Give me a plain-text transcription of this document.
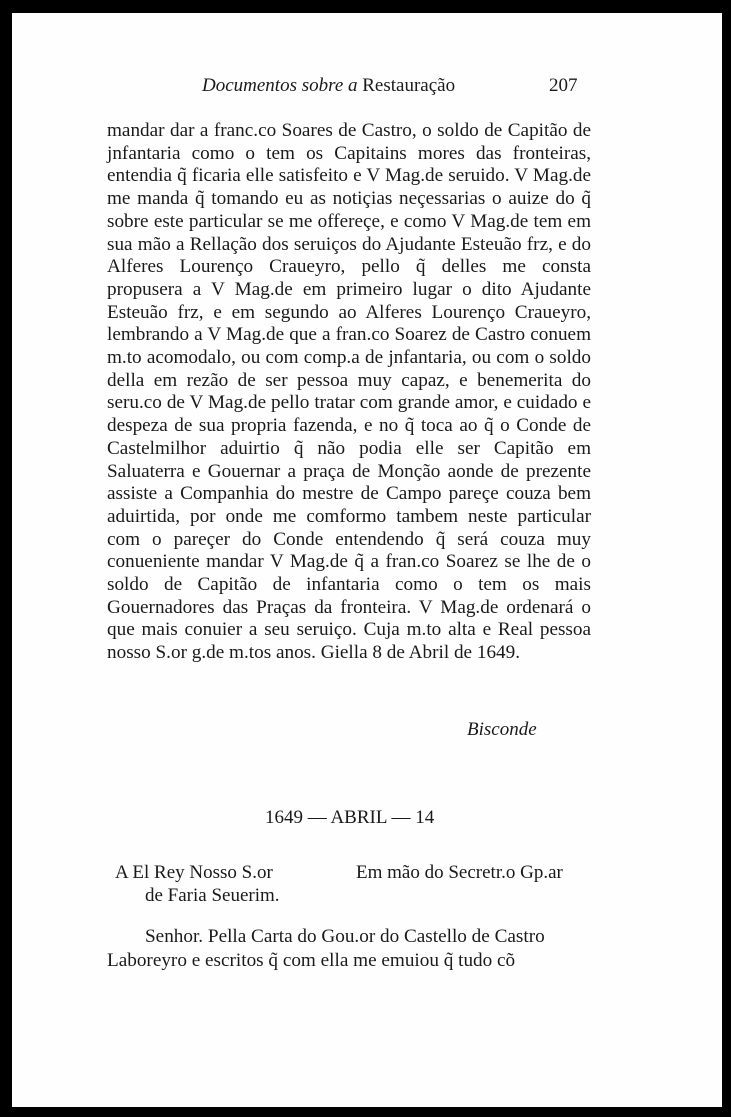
Documentos sobre a Restauração	207

mandar dar a franc.co Soares de Castro, o soldo de Capitão de jnfantaria como o tem os Capitains mores das fronteiras, entendia q̃ ficaria elle satisfeito e V Mag.de seruido. V Mag.de me manda q̃ tomando eu as notiçias neçessarias o auize do q̃ sobre este particular se me offereçe, e como V Mag.de tem em sua mão a Rellação dos seruiços do Ajudante Esteuão frz, e do Alferes Lourenço Craueyro, pello q̃ delles me consta propusera a V Mag.de em primeiro lugar o dito Ajudante Esteuão frz, e em segundo ao Alferes Lourenço Craueyro, lembrando a V Mag.de que a fran.co Soarez de Castro conuem m.to acomodalo, ou com comp.a de jnfantaria, ou com o soldo della em rezão de ser pessoa muy capaz, e benemerita do seru.co de V Mag.de pello tratar com grande amor, e cuidado e despeza de sua propria fazenda, e no q̃ toca ao q̃ o Conde de Castelmilhor aduirtio q̃ não podia elle ser Capitão em Saluaterra e Gouernar a praça de Monção aonde de prezente assiste a Companhia do mestre de Campo pareçe couza bem aduirtida, por onde me comformo tambem neste particular com o pareçer do Conde entendendo q̃ será couza muy conueniente mandar V Mag.de q̃ a fran.co Soarez se lhe de o soldo de Capitão de infantaria como o tem os mais Gouernadores das Praças da fronteira. V Mag.de ordenará o que mais conuier a seu seruiço. Cuja m.to alta e Real pessoa nosso S.or g.de m.tos anos. Giella 8 de Abril de 1649.

Bisconde
1649 — ABRIL — 14
A El Rey Nosso S.or
de Faria Seuerim.
Em mão do Secretr.o Gp.ar
Senhor. Pella Carta do Gou.or do Castello de Castro
Laboreyro e escritos q̃ com ella me emuiou q̃ tudo cõ
